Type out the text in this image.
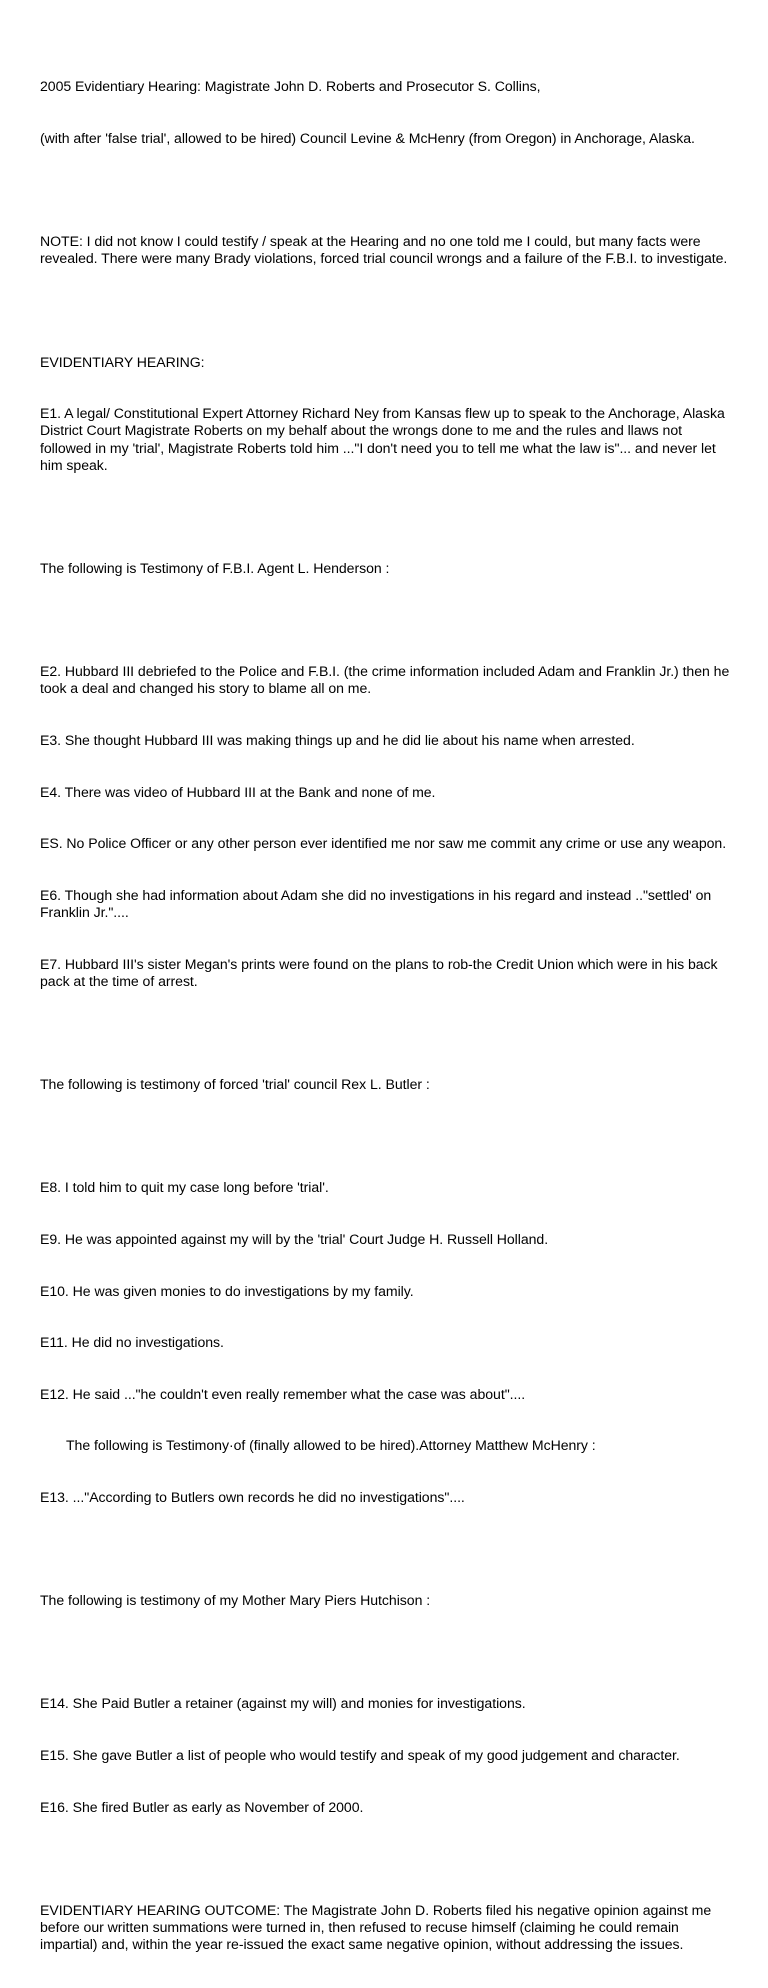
2005 Evidentiary Hearing: Magistrate John D. Roberts and Prosecutor S. Collins,

(with after 'false trial', allowed to be hired) Council Levine & McHenry (from Oregon) in Anchorage, Alaska.

NOTE: I did not know I could testify / speak at the Hearing and no one told me I could, but many facts were revealed. There were many Brady violations, forced trial council wrongs and a failure of the F.B.I. to investigate.

EVIDENTIARY HEARING:

E1. A legal/ Constitutional Expert Attorney Richard Ney from Kansas flew up to speak to the Anchorage, Alaska District Court Magistrate Roberts on my behalf about the wrongs done to me and the rules and llaws not followed in my 'trial', Magistrate Roberts told him ..."I don't need you to tell me what the law is"... and never let him speak.

The following is Testimony of F.B.I. Agent L. Henderson :

E2. Hubbard III debriefed to the Police and F.B.I. (the crime information included Adam and Franklin Jr.) then he took a deal and changed his story to blame all on me.

E3. She thought Hubbard III was making things up and he did lie about his name when arrested.

E4. There was video of Hubbard III at the Bank and none of me.

ES. No Police Officer or any other person ever identified me nor saw me commit any crime or use any weapon.

E6. Though she had information about Adam she did no investigations in his regard and instead .."settled' on Franklin Jr."....

E7. Hubbard III's sister Megan's prints were found on the plans to rob-the Credit Union which were in his back pack at the time of arrest.

The following is testimony of forced 'trial' council Rex L. Butler :

E8. I told him to quit my case long before 'trial'.

E9. He was appointed against my will by the 'trial' Court Judge H. Russell Holland.

E10. He was given monies to do investigations by my family.

E11. He did no investigations.

E12. He said ..."he couldn't even really remember what the case was about"....

The following is Testimony·of (finally allowed to be hired).Attorney Matthew McHenry :

E13. ..."According to Butlers own records he did no investigations"....

The following is testimony of my Mother Mary Piers Hutchison :

E14. She Paid Butler a retainer (against my will) and monies for investigations.

E15. She gave Butler a list of people who would testify and speak of my good judgement and character.

E16. She fired Butler as early as November of 2000.

EVIDENTIARY HEARING OUTCOME: The Magistrate John D. Roberts filed his negative opinion against me before our written summations were turned in, then refused to recuse himself (claiming he could remain impartial) and, within the year re-issued the exact same negative opinion, without addressing the issues.
